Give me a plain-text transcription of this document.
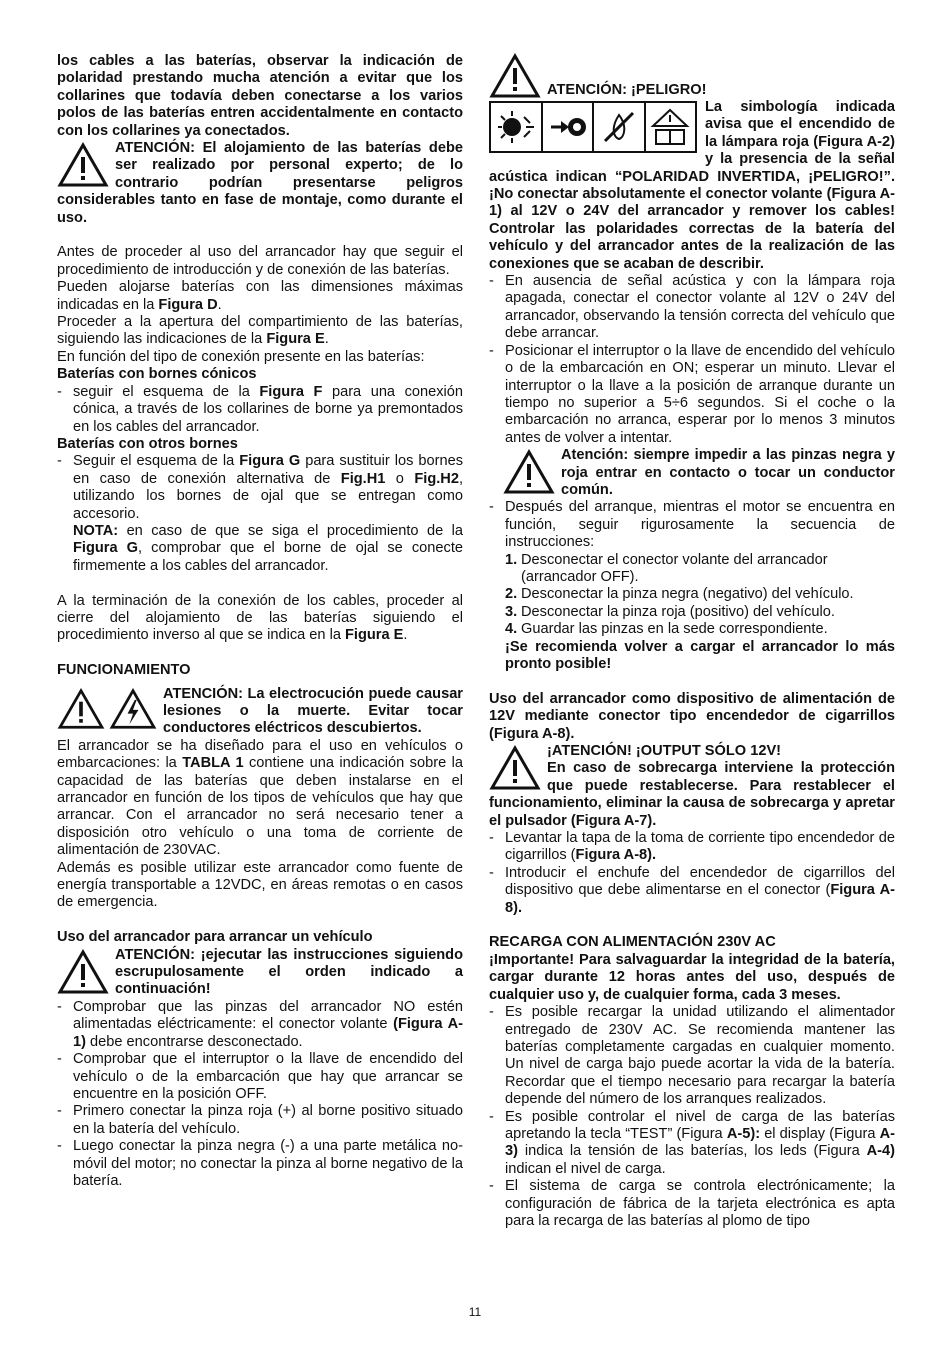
los cables a las baterías, observar la indicación de polaridad prestando mucha atención a evitar que los collarines que todavía deben conectarse a los varios polos de las baterías entren accidentalmente en contacto con los collarines ya conectados.

ATENCIÓN: El alojamiento de las baterías debe ser realizado por personal experto; de lo contrario podrían presentarse peligros considerables tanto en fase de montaje, como durante el uso.

Antes de proceder al uso del arrancador hay que seguir el procedimiento de introducción y de conexión de las baterías.

Pueden alojarse baterías con las dimensiones máximas indicadas en la Figura D.

Proceder a la apertura del compartimiento de las baterías, siguiendo las indicaciones de la Figura E.

En función del tipo de conexión presente en las baterías:

Baterías con bornes cónicos

- seguir el esquema de la Figura F para una conexión cónica, a través de los collarines de borne ya premontados en los cables del arrancador.

Baterías con otros bornes

- Seguir el esquema de la Figura G para sustituir los bornes en caso de conexión alternativa de Fig.H1 o Fig.H2, utilizando los bornes de ojal que se entregan como accesorio.
NOTA: en caso de que se siga el procedimiento de la Figura G, comprobar que el borne de ojal se conecte firmemente a los cables del arrancador.

A la terminación de la conexión de los cables, proceder al cierre del alojamiento de las baterías siguiendo el procedimiento inverso al que se indica en la Figura E.

FUNCIONAMIENTO

ATENCIÓN: La electrocución puede causar lesiones o la muerte. Evitar tocar conductores eléctricos descubiertos.

El arrancador se ha diseñado para el uso en vehículos o embarcaciones: la TABLA 1 contiene una indicación sobre la capacidad de las baterías que deben instalarse en el arrancador en función de los tipos de vehículos que hay que arrancar. Con el arrancador no será necesario tener a disposición otro vehículo o una toma de corriente de alimentación de 230VAC.

Además es posible utilizar este arrancador como fuente de energía transportable a 12VDC, en áreas remotas o en casos de emergencia.

Uso del arrancador para arrancar un vehículo

ATENCIÓN: ¡ejecutar las instrucciones siguiendo escrupulosamente el orden indicado a continuación!

- Comprobar que las pinzas del arrancador NO estén alimentadas eléctricamente: el conector volante (Figura A-1) debe encontrarse desconectado.
- Comprobar que el interruptor o la llave de encendido del vehículo o de la embarcación que hay que arrancar se encuentre en la posición OFF.
- Primero conectar la pinza roja (+) al borne positivo situado en la batería del vehículo.
- Luego conectar la pinza negra (-) a una parte metálica no-móvil del motor; no conectar la pinza al borne negativo de la batería.
ATENCIÓN: ¡PELIGRO!

La simbología indicada avisa que el encendido de la lámpara roja (Figura A-2) y la presencia de la señal acústica indican “POLARIDAD INVERTIDA, ¡PELIGRO!”.¡No conectar absolutamente el conector volante (Figura A-1) al 12V o 24V del arrancador y remover los cables! Controlar las polaridades correctas de la batería del vehículo y del arrancador antes de la realización de las conexiones que se acaban de describir.

- En ausencia de señal acústica y con la lámpara roja apagada, conectar el conector volante al 12V o 24V del arrancador, observando la tensión correcta del vehículo que debe arrancar.
- Posicionar el interruptor o la llave de encendido del vehículo o de la embarcación en ON; esperar un minuto. Llevar el interruptor o la llave a la posición de arranque durante un tiempo no superior a 5÷6 segundos. Si el coche o la embarcación no arranca, esperar por lo menos 3 minutos antes de volver a intentar.

Atención: siempre impedir a las pinzas negra y roja entrar en contacto o tocar un conductor común.

- Después del arranque, mientras el motor se encuentra en función, seguir rigurosamente la secuencia de instrucciones:
1. Desconectar el conector volante del arrancador (arrancador OFF).
2. Desconectar la pinza negra (negativo) del vehículo.
3. Desconectar la pinza roja (positivo) del vehículo.
4. Guardar las pinzas en la sede correspondiente.

¡Se recomienda volver a cargar el arrancador lo más pronto posible!

Uso del arrancador como dispositivo de alimentación de 12V mediante conector tipo encendedor de cigarrillos (Figura A-8).

¡ATENCIÓN! ¡OUTPUT SÓLO 12V!

En caso de sobrecarga interviene la protección que puede restablecerse. Para restablecer el funcionamiento, eliminar la causa de sobrecarga y apretar el pulsador (Figura A-7).

- Levantar la tapa de la toma de corriente tipo encendedor de cigarrillos (Figura A-8).
- Introducir el enchufe del encendedor de cigarrillos del dispositivo que debe alimentarse en el conector (Figura A-8).

RECARGA CON ALIMENTACIÓN 230V AC

¡Importante! Para salvaguardar la integridad de la batería, cargar durante 12 horas antes del uso, después de cualquier uso y, de cualquier forma, cada 3 meses.

- Es posible recargar la unidad utilizando el alimentador entregado de 230V AC. Se recomienda mantener las baterías completamente cargadas en cualquier momento. Un nivel de carga bajo puede acortar la vida de la batería. Recordar que el tiempo necesario para recargar la batería depende del número de los arranques realizados.
- Es posible controlar el nivel de carga de las baterías apretando la tecla “TEST” (Figura A-5): el display (Figura A-3) indica la tensión de las baterías, los leds (Figura A-4) indican el nivel de carga.
- El sistema de carga se controla electrónicamente; la configuración de fábrica de la tarjeta electrónica es apta para la recarga de las baterías al plomo de tipo
11
